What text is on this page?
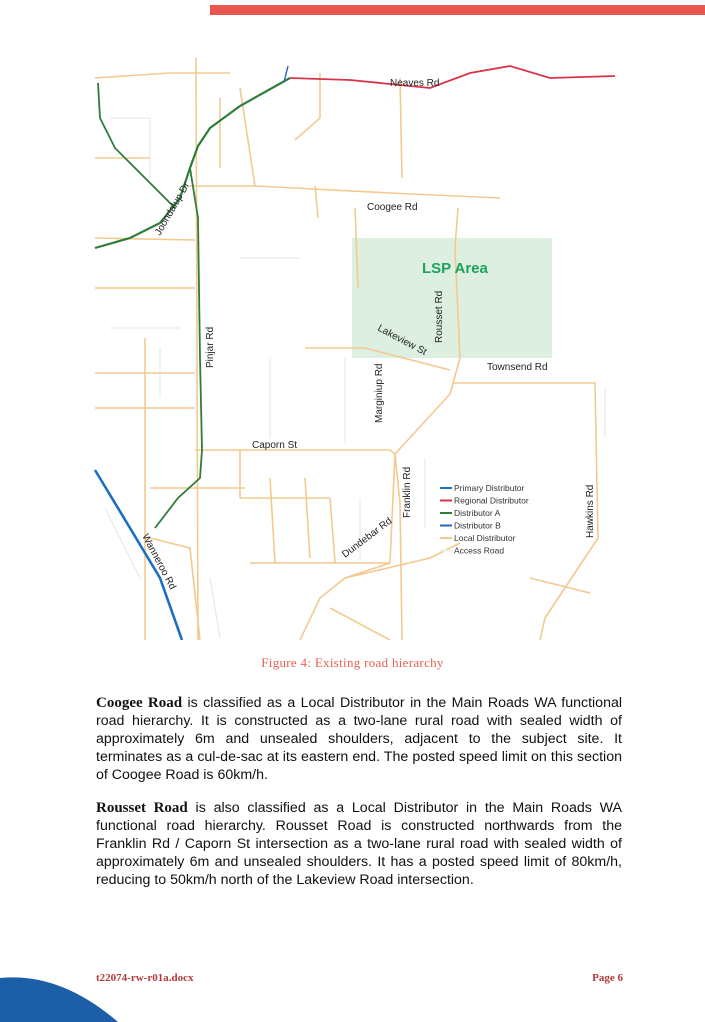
Neaves Rd
Coogee Rd
Joondalup Dr
LSP Area
Rousset Rd
Lakeview St
Townsend Rd
Pinjar Rd
Marginiup Rd
Caporn St
Franklin Rd
Dundebar Rd
Wanneroo Rd
Hawkins Rd
Primary Distributor
Regional Distributor
Distributor A
Distributor B
Local Distributor
Access Road
Figure 4: Existing road hierarchy

Coogee Road is classified as a Local Distributor in the Main Roads WA functional road hierarchy. It is constructed as a two-lane rural road with sealed width of approximately 6m and unsealed shoulders, adjacent to the subject site. It terminates as a cul-de-sac at its eastern end. The posted speed limit on this section of Coogee Road is 60km/h.

Rousset Road is also classified as a Local Distributor in the Main Roads WA functional road hierarchy. Rousset Road is constructed northwards from the Franklin Rd / Caporn St intersection as a two-lane rural road with sealed width of approximately 6m and unsealed shoulders. It has a posted speed limit of 80km/h, reducing to 50km/h north of the Lakeview Road intersection.

t22074-rw-r01a.docx	Page 6
